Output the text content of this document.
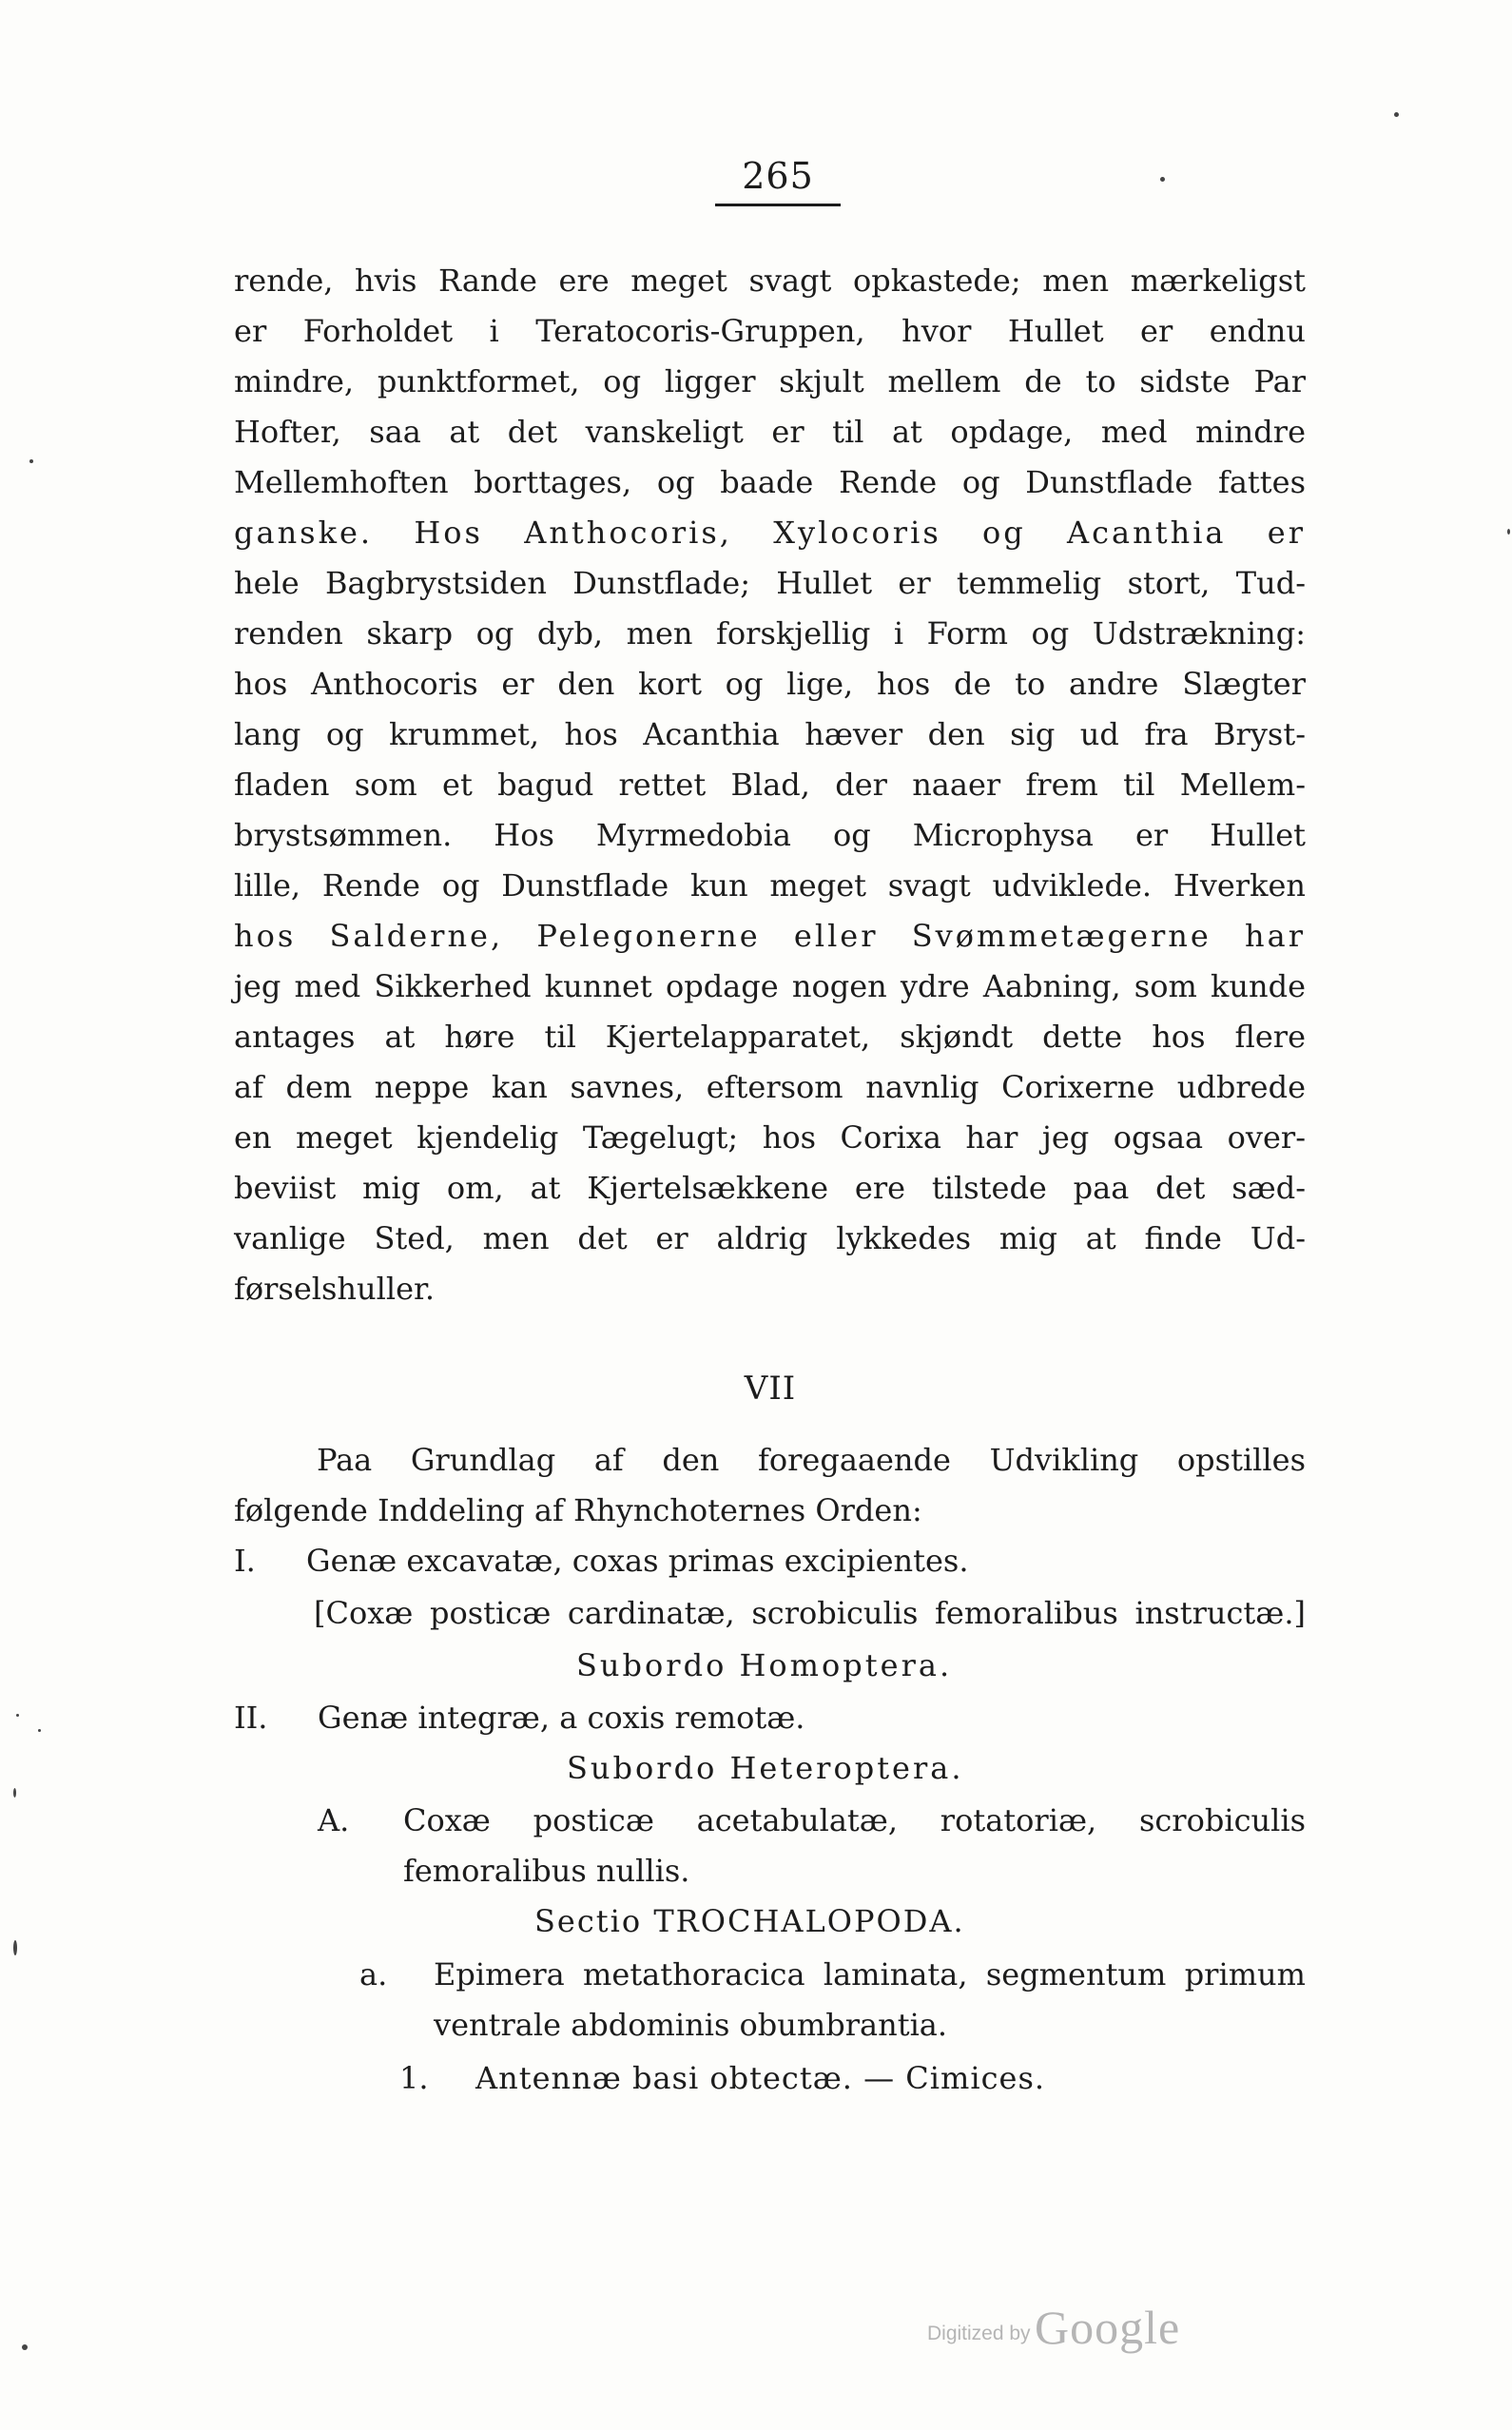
265
rende, hvis Rande ere meget svagt opkastede; men mærkeligst
er Forholdet i Teratocoris-Gruppen, hvor Hullet er endnu
mindre, punktformet, og ligger skjult mellem de to sidste Par
Hofter, saa at det vanskeligt er til at opdage, med mindre
Mellemhoften borttages, og baade Rende og Dunstflade fattes
ganske. Hos Anthocoris, Xylocoris og Acanthia er
hele Bagbrystsiden Dunstflade; Hullet er temmelig stort, Tud-
renden skarp og dyb, men forskjellig i Form og Udstrækning:
hos Anthocoris er den kort og lige, hos de to andre Slægter
lang og krummet, hos Acanthia hæver den sig ud fra Bryst-
fladen som et bagud rettet Blad, der naaer frem til Mellem-
brystsømmen. Hos Myrmedobia og Microphysa er Hullet
lille, Rende og Dunstflade kun meget svagt udviklede. Hverken
hos Salderne, Pelegonerne eller Svømmetægerne har
jeg med Sikkerhed kunnet opdage nogen ydre Aabning, som kunde
antages at høre til Kjertelapparatet, skjøndt dette hos flere
af dem neppe kan savnes, eftersom navnlig Corixerne udbrede
en meget kjendelig Tægelugt; hos Corixa har jeg ogsaa over-
beviist mig om, at Kjertelsækkene ere tilstede paa det sæd-
vanlige Sted, men det er aldrig lykkedes mig at finde Ud-
førselshuller.
VII
Paa Grundlag af den foregaaende Udvikling opstilles
følgende Inddeling af Rhynchoternes Orden:
I. Genæ excavatæ, coxas primas excipientes.
[Coxæ posticæ cardinatæ, scrobiculis femoralibus instructæ.]
Subordo Homoptera.
II. Genæ integræ, a coxis remotæ.
Subordo Heteroptera.
A. Coxæ posticæ acetabulatæ, rotatoriæ, scrobiculis
femoralibus nullis.
Sectio TROCHALOPODA.
a. Epimera metathoracica laminata, segmentum primum
ventrale abdominis obumbrantia.
1. Antennæ basi obtectæ. — Cimices.
Digitized by Google
